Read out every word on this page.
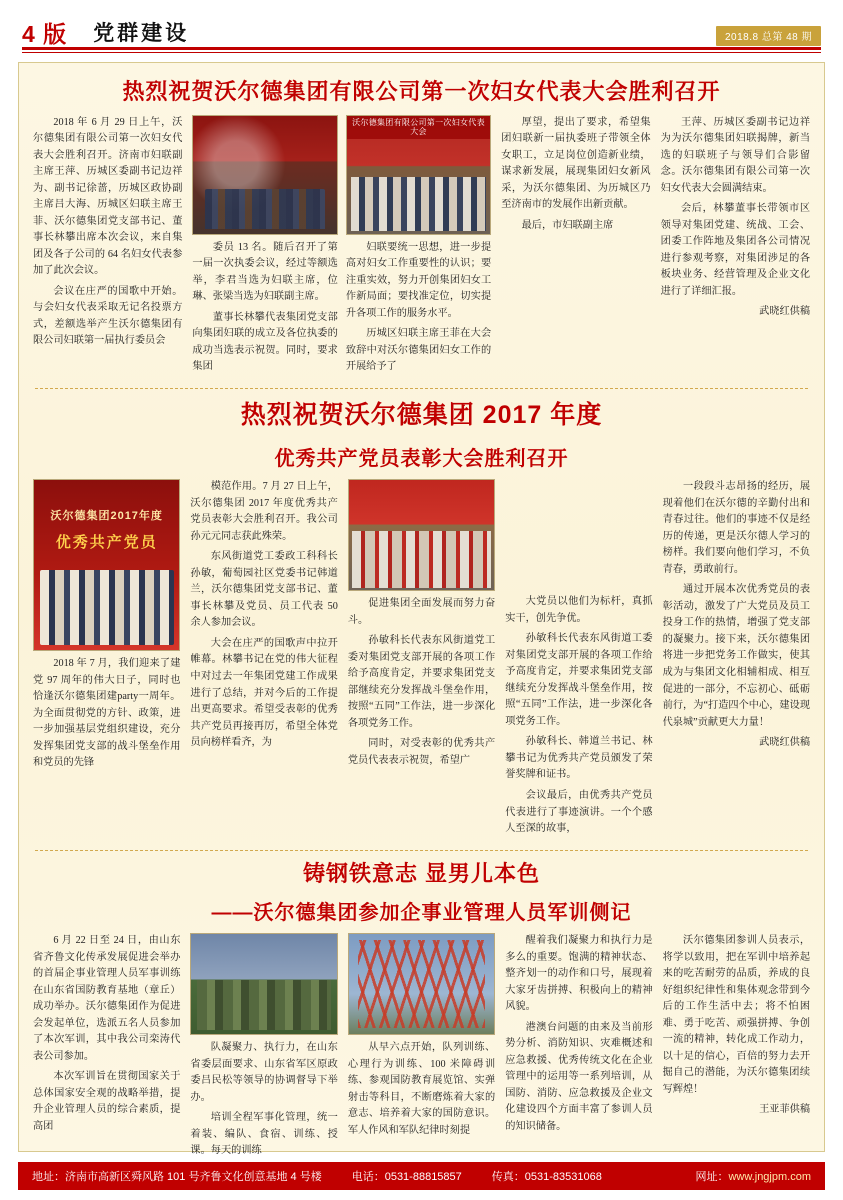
4 版 党群建设	2018.8 总第 48 期
热烈祝贺沃尔德集团有限公司第一次妇女代表大会胜利召开

2018 年 6 月 29 日上午，沃尔德集团有限公司第一次妇女代表大会胜利召开。济南市妇联副主席王萍、历城区委副书记边祥为、副书记徐蔷，历城区政协副主席吕大海、历城区妇联主席王菲、沃尔德集团党支部书记、董事长林攀出席本次会议，来自集团及各子公司的 64 名妇女代表参加了此次会议。

会议在庄严的国歌中开始。与会妇女代表采取无记名投票方式，差额选举产生沃尔德集团有限公司妇联第一届执行委员会

沃尔德集团有限公司第一次妇女代表大会

委员 13 名。随后召开了第一届一次执委会议，经过等额选举，李君当选为妇联主席，位琳、张梁当选为妇联副主席。

董事长林攀代表集团党支部向集团妇联的成立及各位执委的成功当选表示祝贺。同时，要求集团

妇联要统一思想，进一步提高对妇女工作重要性的认识；要注重实效，努力开创集团妇女工作新局面；要找准定位，切实提升各项工作的服务水平。

历城区妇联主席王菲在大会致辞中对沃尔德集团妇女工作的开展给予了

厚望，提出了要求，希望集团妇联新一届执委班子带领全体女职工，立足岗位创造新业绩，谋求新发展，展现集团妇女新风采，为沃尔德集团、为历城区乃至济南市的发展作出新贡献。

最后，市妇联副主席

王萍、历城区委副书记边祥为为沃尔德集团妇联揭牌，新当选的妇联班子与领导们合影留念。沃尔德集团有限公司第一次妇女代表大会圆满结束。

会后，林攀董事长带领市区领导对集团党建、统战、工会、团委工作阵地及集团各公司情况进行参观考察，对集团涉足的各板块业务、经营管理及企业文化进行了详细汇报。

武晓红供稿

热烈祝贺沃尔德集团 2017 年度
优秀共产党员表彰大会胜利召开
沃尔德集团2017年度
优秀共产党员

2018 年 7 月，我们迎来了建党 97 周年的伟大日子，同时也恰逢沃尔德集团建party一周年。为全面贯彻党的方针、政策，进一步加强基层党组织建设，充分发挥集团党支部的战斗堡垒作用和党员的先锋

模范作用。7 月 27 日上午，沃尔德集团 2017 年度优秀共产党员表彰大会胜利召开。我公司孙元元同志获此殊荣。

东风街道党工委政工科科长孙敏，葡萄园社区党委书记韩道兰，沃尔德集团党支部书记、董事长林攀及党员、员工代表 50 余人参加会议。

大会在庄严的国歌声中拉开帷幕。林攀书记在党的伟大征程中对过去一年集团党建工作成果进行了总结，并对今后的工作提出更高要求。希望受表彰的优秀共产党员再接再厉，希望全体党员向榜样看齐，为

促进集团全面发展而努力奋斗。

孙敏科长代表东风街道党工委对集团党支部开展的各项工作给予高度肯定，并要求集团党支部继续充分发挥战斗堡垒作用，按照“五同”工作法，进一步深化各项党务工作。

同时，对受表彰的优秀共产党员代表表示祝贺，希望广

大党员以他们为标杆，真抓实干，创先争优。

孙敏科长代表东风街道工委对集团党支部开展的各项工作给予高度肯定，并要求集团党支部继续充分发挥战斗堡垒作用，按照“五同”工作法，进一步深化各项党务工作。

孙敏科长、韩道兰书记、林攀书记为优秀共产党员颁发了荣誉奖牌和证书。

会议最后，由优秀共产党员代表进行了事迹演讲。一个个感人至深的故事，

一段段斗志昂扬的经历，展现着他们在沃尔德的辛勤付出和青春过往。他们的事迹不仅是经历的传递，更是沃尔德人学习的榜样。我们要向他们学习，不负青春，勇敢前行。

通过开展本次优秀党员的表彰活动，激发了广大党员及员工投身工作的热情，增强了党支部的凝聚力。接下来，沃尔德集团将进一步把党务工作做实，使其成为与集团文化相辅相成、相互促进的一部分，不忘初心、砥砺前行，为“打造四个中心，建设现代泉城”贡献更大力量！

武晓红供稿

铸钢铁意志 显男儿本色
——沃尔德集团参加企事业管理人员军训侧记

6 月 22 日至 24 日，由山东省齐鲁文化传承发展促进会举办的首届企事业管理人员军事训练在山东省国防教育基地（章丘）成功举办。沃尔德集团作为促进会发起单位，选派五名人员参加了本次军训，其中我公司栾涛代表公司参加。

本次军训旨在贯彻国家关于总体国家安全观的战略举措，提升企业管理人员的综合素质，提高团

队凝聚力、执行力，在山东省委层面要求、山东省军区原政委吕民松等领导的协调督导下举办。

培训全程军事化管理，统一着装、编队、食宿、训练、授课。每天的训练

从早六点开始，队列训练、心理行为训练、100 米障碍训练、参观国防教育展览馆、实弹射击等科目，不断磨炼着大家的意志、培养着大家的国防意识。军人作风和军队纪律时刻提

醒着我们凝聚力和执行力是多么的重要。饱满的精神状态、整齐划一的动作和口号，展现着大家牙齿拼搏、积极向上的精神风貌。

港澳台问题的由来及当前形势分析、消防知识、灾难概述和应急救援、优秀传统文化在企业管理中的运用等一系列培训，从国防、消防、应急救援及企业文化建设四个方面丰富了参训人员的知识储备。

沃尔德集团参训人员表示，将学以致用，把在军训中培养起来的吃苦耐劳的品质，养成的良好组织纪律性和集体观念带到今后的工作生活中去；将不怕困难、勇于吃苦、顽强拼搏、争创一流的精神，转化成工作动力，以十足的信心，百倍的努力去开掘自己的潜能，为沃尔德集团续写辉煌！

王亚菲供稿

地址：济南市高新区舜风路 101 号齐鲁文化创意基地 4 号楼	电话：0531-88815857	传真：0531-83531068	网址：www.jngjpm.com
